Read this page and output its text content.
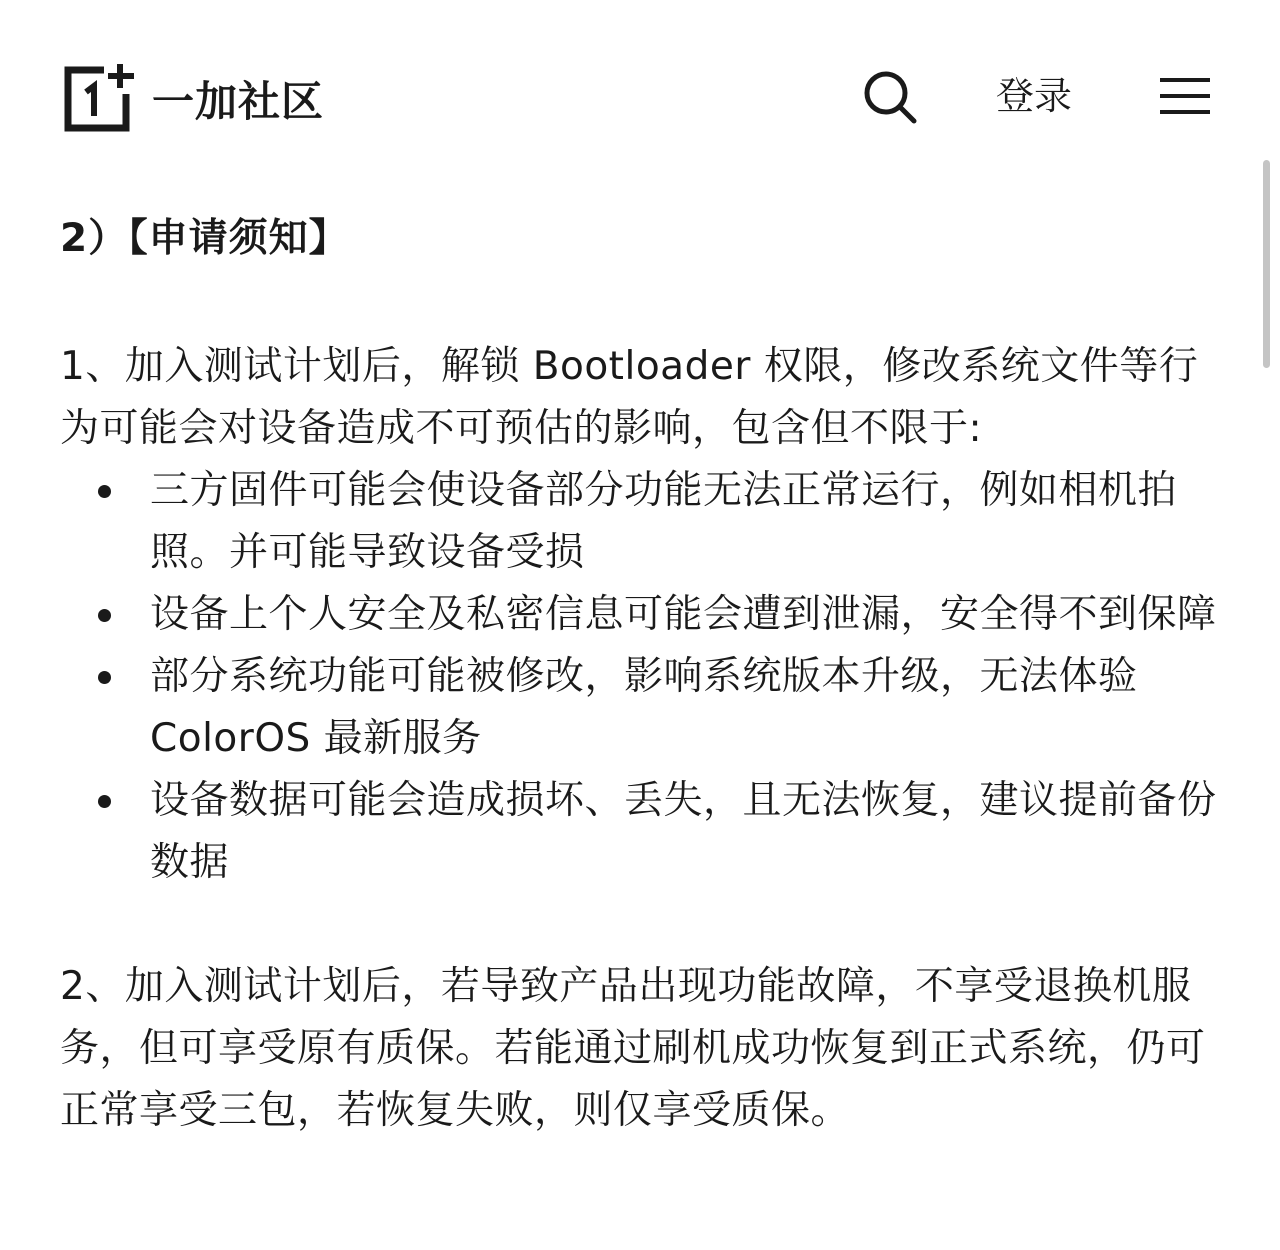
一加社区	登录

2）【申请须知】

1、加入测试计划后，解锁 Bootloader 权限，修改系统文件等行为可能会对设备造成不可预估的影响，包含但不限于:

三方固件可能会使设备部分功能无法正常运行，例如相机拍照。并可能导致设备受损
设备上个人安全及私密信息可能会遭到泄漏，安全得不到保障
部分系统功能可能被修改，影响系统版本升级，无法体验 ColorOS 最新服务
设备数据可能会造成损坏、丢失，且无法恢复，建议提前备份数据

2、加入测试计划后，若导致产品出现功能故障，不享受退换机服务，但可享受原有质保。若能通过刷机成功恢复到正式系统，仍可正常享受三包，若恢复失败，则仅享受质保。
